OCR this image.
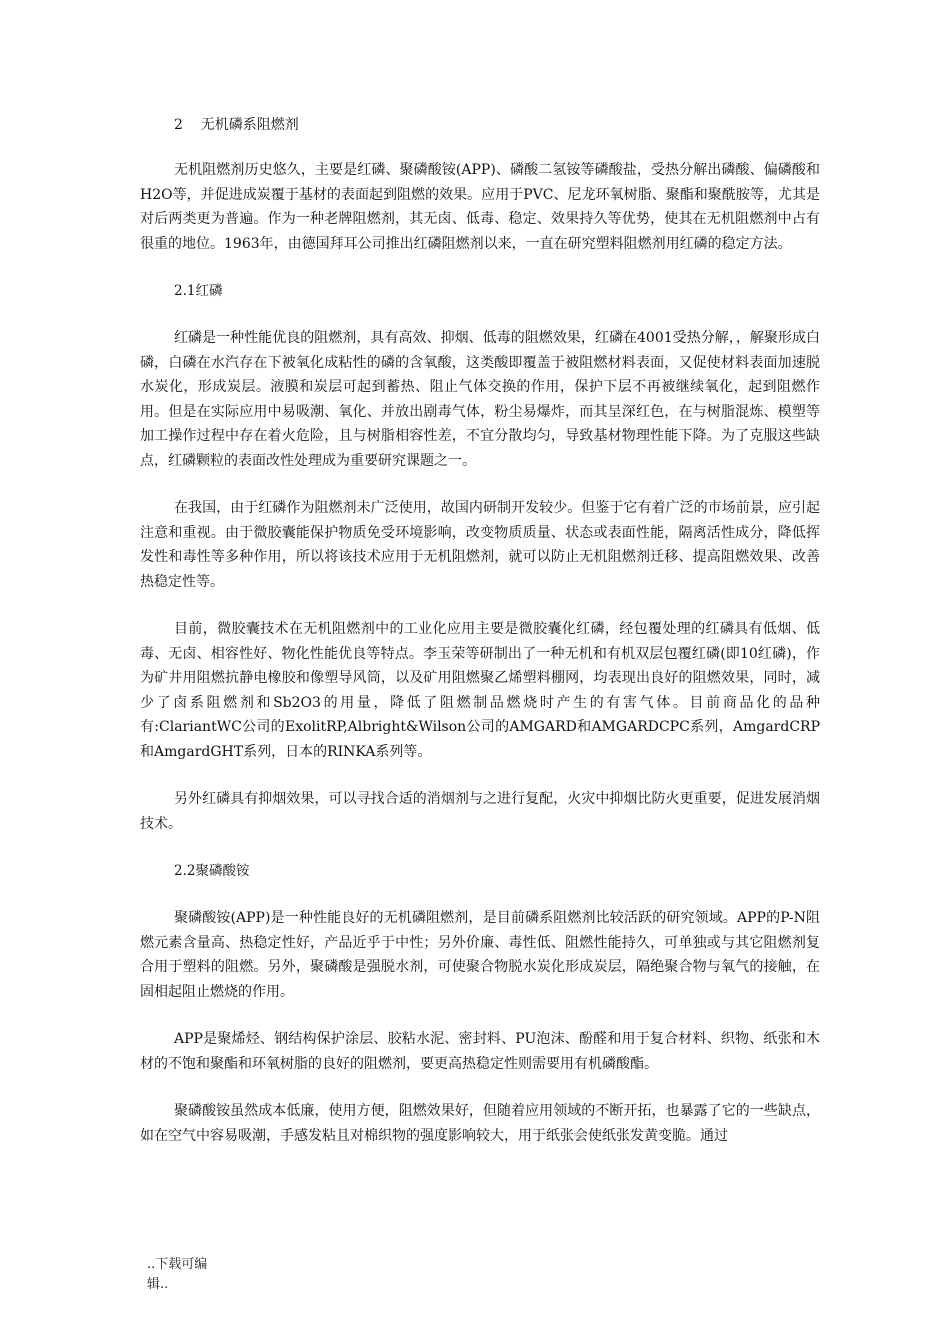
2    无机磷系阻燃剂

无机阻燃剂历史悠久，主要是红磷、聚磷酸铵(APP)、磷酸二氢铵等磷酸盐，受热分解出磷酸、偏磷酸和H2O等，并促进成炭覆于基材的表面起到阻燃的效果。应用于PVC、尼龙环氧树脂、聚酯和聚酰胺等，尤其是对后两类更为普遍。作为一种老牌阻燃剂，其无卤、低毒、稳定、效果持久等优势，使其在无机阻燃剂中占有很重的地位。1963年，由德国拜耳公司推出红磷阻燃剂以来，一直在研究塑料阻燃剂用红磷的稳定方法。

2.1红磷

红磷是一种性能优良的阻燃剂，具有高效、抑烟、低毒的阻燃效果，红磷在4001受热分解，，解聚形成白磷，白磷在水汽存在下被氧化成粘性的磷的含氧酸，这类酸即覆盖于被阻燃材料表面，又促使材料表面加速脱水炭化，形成炭层。液膜和炭层可起到蓄热、阻止气体交换的作用，保护下层不再被继续氧化，起到阻燃作用。但是在实际应用中易吸潮、氧化、并放出剧毒气体，粉尘易爆炸，而其呈深红色，在与树脂混炼、模塑等加工操作过程中存在着火危险，且与树脂相容性差，不宜分散均匀，导致基材物理性能下降。为了克服这些缺点，红磷颗粒的表面改性处理成为重要研究课题之一。

在我国，由于红磷作为阻燃剂未广泛使用，故国内研制开发较少。但鉴于它有着广泛的市场前景，应引起注意和重视。由于微胶囊能保护物质免受环境影响，改变物质质量、状态或表面性能，隔离活性成分，降低挥发性和毒性等多种作用，所以将该技术应用于无机阻燃剂，就可以防止无机阻燃剂迁移、提高阻燃效果、改善热稳定性等。

目前，微胶囊技术在无机阻燃剂中的工业化应用主要是微胶囊化红磷，经包覆处理的红磷具有低烟、低毒、无卤、相容性好、物化性能优良等特点。李玉荣等研制出了一种无机和有机双层包覆红磷(即10红磷)，作为矿井用阻燃抗静电橡胶和像塑导风筒，以及矿用阻燃聚乙烯塑料棚网，均表现出良好的阻燃效果，同时，减少了卤系阻燃剂和Sb2O3的用量，降低了阻燃制品燃烧时产生的有害气体。目前商品化的品种有:ClariantWC公司的ExolitRP,Albright&Wilson公司的AMGARD和AMGARDCPC系列，AmgardCRP和AmgardGHT系列，日本的RINKA系列等。

另外红磷具有抑烟效果，可以寻找合适的消烟剂与之进行复配，火灾中抑烟比防火更重要，促进发展消烟技术。

2.2聚磷酸铵

聚磷酸铵(APP)是一种性能良好的无机磷阻燃剂，是目前磷系阻燃剂比较活跃的研究领域。APP的P-N阻燃元素含量高、热稳定性好，产品近乎于中性；另外价廉、毒性低、阻燃性能持久，可单独或与其它阻燃剂复合用于塑料的阻燃。另外，聚磷酸是强脱水剂，可使聚合物脱水炭化形成炭层，隔绝聚合物与氧气的接触，在固相起阻止燃烧的作用。

APP是聚烯烃、钢结构保护涂层、胶粘水泥、密封料、PU泡沫、酚醛和用于复合材料、织物、纸张和木材的不饱和聚酯和环氧树脂的良好的阻燃剂，要更高热稳定性则需要用有机磷酸酯。

聚磷酸铵虽然成本低廉，使用方便，阻燃效果好，但随着应用领域的不断开拓，也暴露了它的一些缺点，如在空气中容易吸潮，手感发粘且对棉织物的强度影响较大，用于纸张会使纸张发黄变脆。通过

..下载可编辑..
